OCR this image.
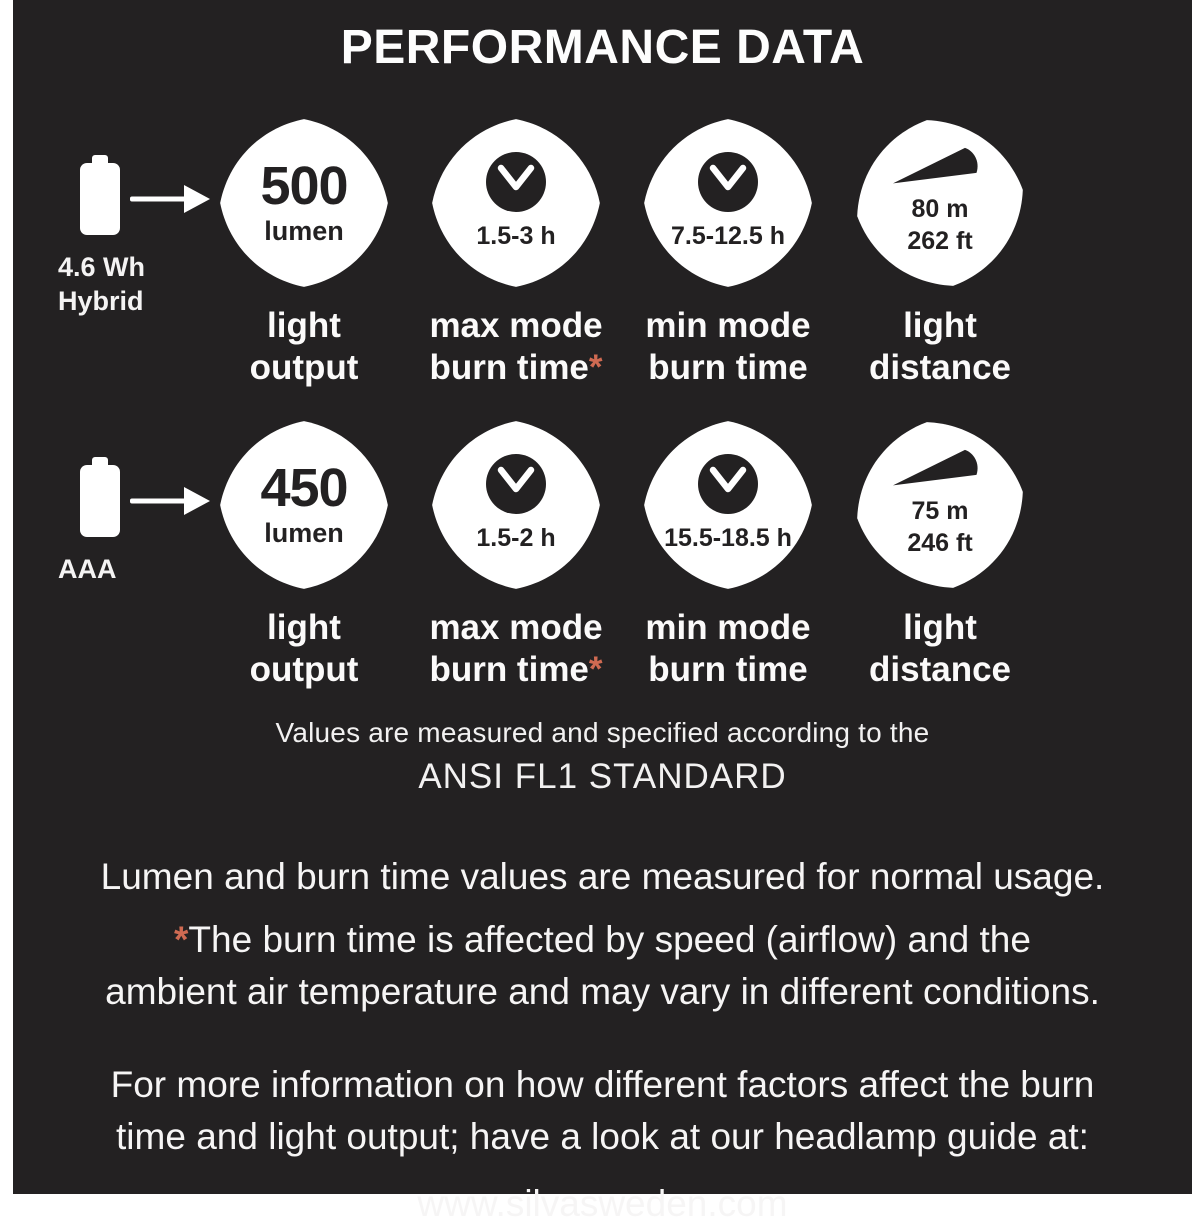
PERFORMANCE DATA
4.6 Wh
Hybrid
500
lumen
light
output
1.5-3 h
max mode
burn time*
7.5-12.5 h
min mode
burn time
80 m
262 ft
light
distance
AAA
450
lumen
light
output
1.5-2 h
max mode
burn time*
15.5-18.5 h
min mode
burn time
75 m
246 ft
light
distance
Values are measured and specified according to the
ANSI FL1 STANDARD
Lumen and burn time values are measured for normal usage.
*The burn time is affected by speed (airflow) and the
ambient air temperature and may vary in different conditions.
For more information on how different factors affect the burn
time and light output; have a look at our headlamp guide at:
www.silvasweden.com
